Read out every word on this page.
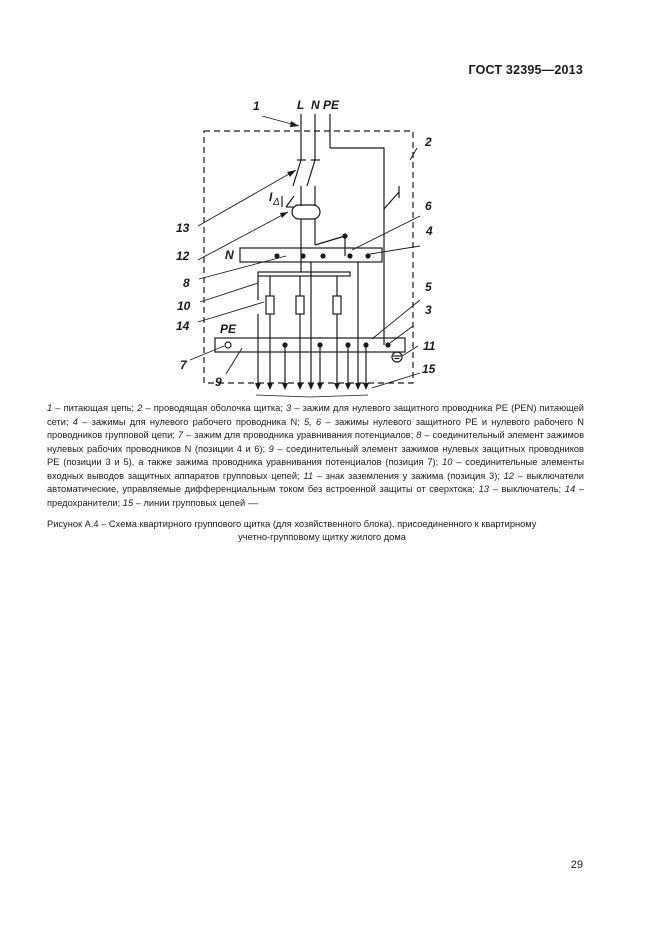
ГОСТ 32395—2013
L N PE
N
PE
I Δ
1
2
3
4
5
6
7
8
9
10
11
12
13
14
15

1 – питающая цепь; 2 – проводящая оболочка щитка; 3 – зажим для нулевого защитного проводника PE (PEN) питающей сети; 4 – зажимы для нулевого рабочего проводника N; 5, 6 – зажимы нулевого защитного PE и нулевого рабочего N проводников групповой цепи; 7 – зажим для проводника уравнивания потенциалов; 8 – соединительный элемент зажимов нулевых рабочих проводников N (позиции 4 и 6); 9 – соединительный элемент зажимов нулевых защитных проводников PE (позиции 3 и 5), а также зажима проводника уравнивания потенциалов (позиция 7); 10 – соединительные элементы входных выводов защитных аппаратов групповых цепей; 11 – знак заземления у зажима (позиция 3); 12 – выключатели автоматические, управляемые дифференциальным током без встроенной защиты от сверхтока; 13 – выключатель; 14 – предохранители; 15 – линии групповых цепей ––

Рисунок А.4 – Схема квартирного группового щитка (для хозяйственного блока). присоединенного к квартирному
учетно-групповому щитку жилого дома

29
